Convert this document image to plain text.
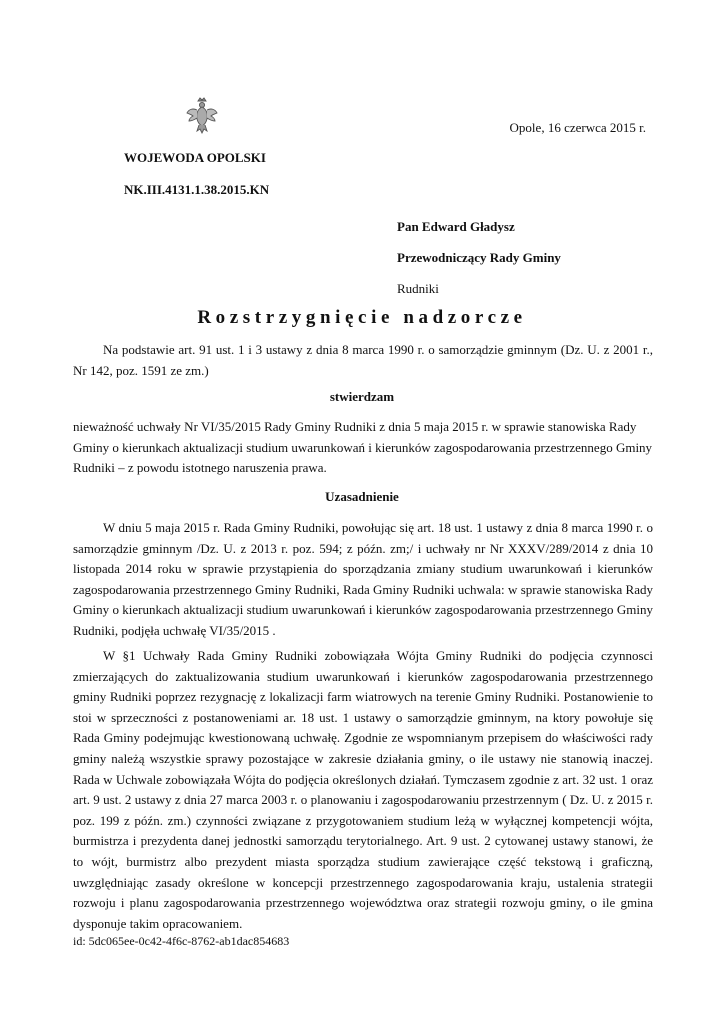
Opole, 16 czerwca 2015 r.
WOJEWODA OPOLSKI
NK.III.4131.1.38.2015.KN
Pan Edward Gładysz
Przewodniczący Rady Gminy
Rudniki
Rozstrzygnięcie nadzorcze

Na podstawie art. 91 ust. 1 i 3 ustawy z dnia 8 marca 1990 r. o samorządzie gminnym (Dz. U. z 2001 r., Nr 142, poz. 1591 ze zm.)

stwierdzam

nieważność uchwały Nr VI/35/2015 Rady Gminy Rudniki z dnia 5 maja 2015 r. w sprawie stanowiska Rady Gminy o kierunkach aktualizacji studium uwarunkowań i kierunków zagospodarowania przestrzennego Gminy Rudniki – z powodu istotnego naruszenia prawa.

Uzasadnienie

W dniu 5 maja 2015 r. Rada Gminy Rudniki, powołując się art. 18 ust. 1 ustawy z dnia 8 marca 1990 r. o samorządzie gminnym /Dz. U. z 2013 r. poz. 594; z późn. zm;/ i uchwały nr Nr XXXV/289/2014 z dnia 10 listopada 2014 roku w sprawie przystąpienia do sporządzania zmiany studium uwarunkowań i kierunków zagospodarowania przestrzennego Gminy Rudniki, Rada Gminy Rudniki uchwala: w sprawie stanowiska Rady Gminy o kierunkach aktualizacji studium uwarunkowań i kierunków zagospodarowania przestrzennego Gminy Rudniki, podjęła uchwałę VI/35/2015 .

W §1 Uchwały Rada Gminy Rudniki zobowiązała Wójta Gminy Rudniki do podjęcia czynnosci zmierzających do zaktualizowania studium uwarunkowań i kierunków zagospodarowania przestrzennego gminy Rudniki poprzez rezygnację z lokalizacji farm wiatrowych na terenie Gminy Rudniki. Postanowienie to stoi w sprzeczności z postanoweniami ar. 18 ust. 1 ustawy o samorządzie gminnym, na ktory powołuje się Rada Gminy podejmując kwestionowaną uchwałę. Zgodnie ze wspomnianym przepisem do właściwości rady gminy należą wszystkie sprawy pozostające w zakresie działania gminy, o ile ustawy nie stanowią inaczej. Rada w Uchwale zobowiązała Wójta do podjęcia określonych działań. Tymczasem zgodnie z art. 32 ust. 1 oraz art. 9 ust. 2 ustawy z dnia 27 marca 2003 r. o planowaniu i zagospodarowaniu przestrzennym ( Dz. U. z 2015 r. poz. 199 z późn. zm.) czynności związane z przygotowaniem studium leżą w wyłącznej kompetencji wójta, burmistrza i prezydenta danej jednostki samorządu terytorialnego. Art. 9 ust. 2 cytowanej ustawy stanowi, że to wójt, burmistrz albo prezydent miasta sporządza studium zawierające część tekstową i graficzną, uwzględniając zasady określone w koncepcji przestrzennego zagospodarowania kraju, ustalenia strategii rozwoju i planu zagospodarowania przestrzennego województwa oraz strategii rozwoju gminy, o ile gmina dysponuje takim opracowaniem.

id: 5dc065ee-0c42-4f6c-8762-ab1dac854683
